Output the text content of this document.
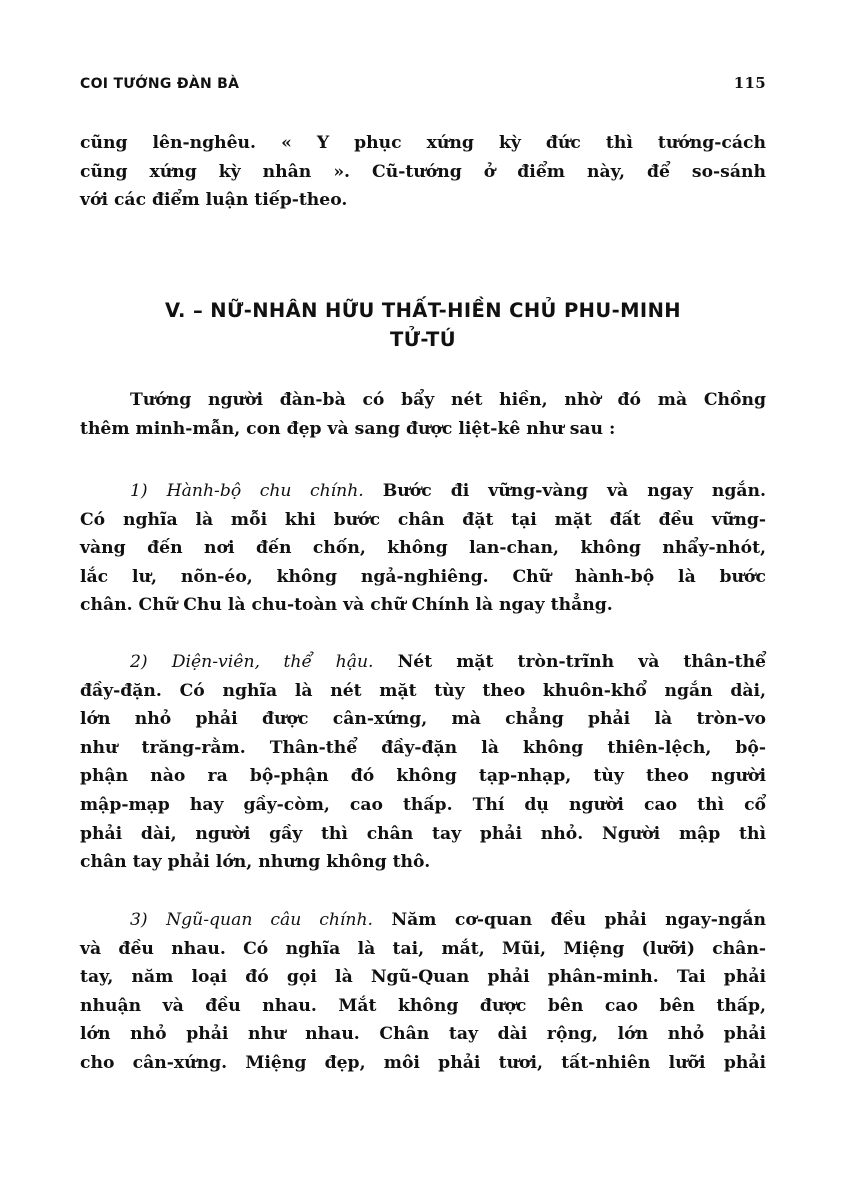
COI TƯỚNG ĐÀN BÀ	115
cũng lên-nghêu. « Y phục xứng kỳ đức thì tướng-cách
cũng xứng kỳ nhân ». Cũ-tướng ở điểm này, để so-sánh
với các điểm luận tiếp-theo.
V. – NỮ-NHÂN HỮU THẤT-HIỀN CHỦ PHU-MINH
TỬ-TÚ
Tướng người đàn-bà có bẩy nét hiền, nhờ đó mà Chồng
thêm minh-mẫn, con đẹp và sang được liệt-kê như sau :
1) Hành-bộ chu chính. Bước đi vững-vàng và ngay ngắn.
Có nghĩa là mỗi khi bước chân đặt tại mặt đất đều vững-
vàng đến nơi đến chốn, không lan-chan, không nhẩy-nhót,
lắc lư, nõn-éo, không ngả-nghiêng. Chữ hành-bộ là bước
chân. Chữ Chu là chu-toàn và chữ Chính là ngay thẳng.
2) Diện-viên, thể hậu. Nét mặt tròn-trĩnh và thân-thể
đầy-đặn. Có nghĩa là nét mặt tùy theo khuôn-khổ ngắn dài,
lớn nhỏ phải được cân-xứng, mà chẳng phải là tròn-vo
như trăng-rằm. Thân-thể đầy-đặn là không thiên-lệch, bộ-
phận nào ra bộ-phận đó không tạp-nhạp, tùy theo người
mập-mạp hay gầy-còm, cao thấp. Thí dụ người cao thì cổ
phải dài, người gầy thì chân tay phải nhỏ. Người mập thì
chân tay phải lớn, nhưng không thô.
3) Ngũ-quan câu chính. Năm cơ-quan đều phải ngay-ngắn
và đều nhau. Có nghĩa là tai, mắt, Mũi, Miệng (lưỡi) chân-
tay, năm loại đó gọi là Ngũ-Quan phải phân-minh. Tai phải
nhuận và đều nhau. Mắt không được bên cao bên thấp,
lớn nhỏ phải như nhau. Chân tay dài rộng, lớn nhỏ phải
cho cân-xứng. Miệng đẹp, môi phải tươi, tất-nhiên lưỡi phải
